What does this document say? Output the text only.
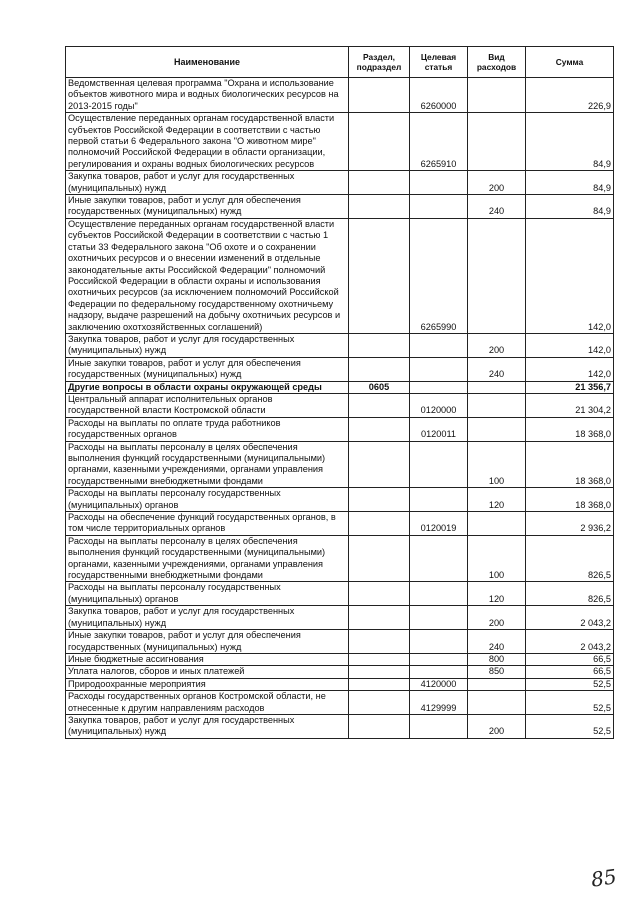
Наименование	Раздел, подраздел	Целевая статья	Вид расходов	Сумма
Ведомственная целевая программа "Охрана и использование объектов животного мира и водных биологических ресурсов на 2013-2015 годы"		6260000		226,9
Осуществление переданных органам государственной власти субъектов Российской Федерации в соответствии с частью первой статьи 6 Федерального закона "О животном мире" полномочий Российской Федерации в области организации, регулирования и охраны водных биологических ресурсов		6265910		84,9
Закупка товаров, работ и услуг для государственных (муниципальных) нужд			200	84,9
Иные закупки товаров, работ и услуг для обеспечения государственных (муниципальных) нужд			240	84,9
Осуществление переданных органам государственной власти субъектов Российской Федерации в соответствии с частью 1 статьи 33 Федерального закона "Об охоте и о сохранении охотничьих ресурсов и о внесении изменений в отдельные законодательные акты Российской Федерации" полномочий Российской Федерации в области охраны и использования охотничьих ресурсов (за исключением полномочий Российской Федерации по федеральному государственному охотничьему надзору, выдаче разрешений на добычу охотничьих ресурсов и заключению охотхозяйственных соглашений)		6265990		142,0
Закупка товаров, работ и услуг для государственных (муниципальных) нужд			200	142,0
Иные закупки товаров, работ и услуг для обеспечения государственных (муниципальных) нужд			240	142,0
Другие вопросы в области охраны окружающей среды	0605			21 356,7
Центральный аппарат исполнительных органов государственной власти Костромской области		0120000		21 304,2
Расходы на выплаты по оплате труда работников государственных органов		0120011		18 368,0
Расходы на выплаты персоналу в целях обеспечения выполнения функций государственными (муниципальными) органами, казенными учреждениями, органами управления государственными внебюджетными фондами			100	18 368,0
Расходы на выплаты персоналу государственных (муниципальных) органов			120	18 368,0
Расходы на обеспечение функций государственных органов, в том числе территориальных органов		0120019		2 936,2
Расходы на выплаты персоналу в целях обеспечения выполнения функций государственными (муниципальными) органами, казенными учреждениями, органами управления государственными внебюджетными фондами			100	826,5
Расходы на выплаты персоналу государственных (муниципальных) органов			120	826,5
Закупка товаров, работ и услуг для государственных (муниципальных) нужд			200	2 043,2
Иные закупки товаров, работ и услуг для обеспечения государственных (муниципальных) нужд			240	2 043,2
Иные бюджетные ассигнования			800	66,5
Уплата налогов, сборов и иных платежей			850	66,5
Природоохранные мероприятия		4120000		52,5
Расходы государственных органов Костромской области, не отнесенные к другим направлениям расходов		4129999		52,5
Закупка товаров, работ и услуг для государственных (муниципальных) нужд			200	52,5
85
